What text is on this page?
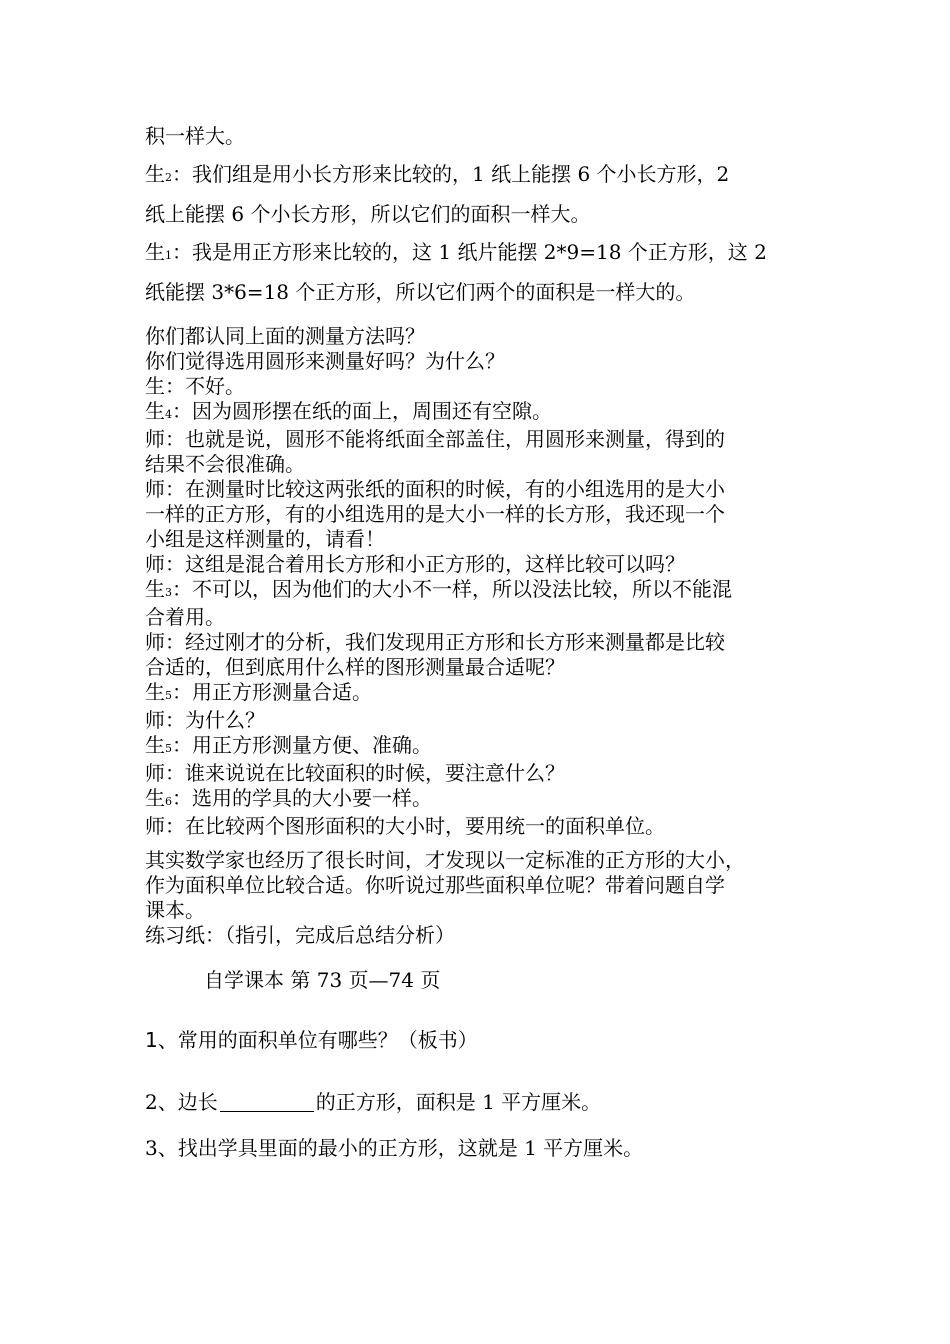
积一样大。

生2：我们组是用小长方形来比较的，1 纸上能摆 6 个小长方形，2

纸上能摆 6 个小长方形，所以它们的面积一样大。

生1：我是用正方形来比较的，这 1 纸片能摆 2*9=18 个正方形，这 2

纸能摆 3*6=18 个正方形，所以它们两个的面积是一样大的。

你们都认同上面的测量方法吗？

你们觉得选用圆形来测量好吗？为什么？

生：不好。

生4：因为圆形摆在纸的面上，周围还有空隙。

师：也就是说，圆形不能将纸面全部盖住，用圆形来测量，得到的

结果不会很准确。

师：在测量时比较这两张纸的面积的时候，有的小组选用的是大小

一样的正方形，有的小组选用的是大小一样的长方形，我还现一个

小组是这样测量的，请看！

师：这组是混合着用长方形和小正方形的，这样比较可以吗？

生3：不可以，因为他们的大小不一样，所以没法比较，所以不能混

合着用。

师：经过刚才的分析，我们发现用正方形和长方形来测量都是比较

合适的，但到底用什么样的图形测量最合适呢？

生5：用正方形测量合适。

师：为什么？

生5：用正方形测量方便、准确。

师：谁来说说在比较面积的时候，要注意什么？

生6：选用的学具的大小要一样。

师：在比较两个图形面积的大小时，要用统一的面积单位。

其实数学家也经历了很长时间，才发现以一定标准的正方形的大小，

作为面积单位比较合适。你听说过那些面积单位呢？带着问题自学

课本。

练习纸：（指引，完成后总结分析）

自学课本 第 73 页—74 页
1、常用的面积单位有哪些？（板书）
2、边长	的正方形，面积是 1 平方厘米。
3、找出学具里面的最小的正方形，这就是 1 平方厘米。
